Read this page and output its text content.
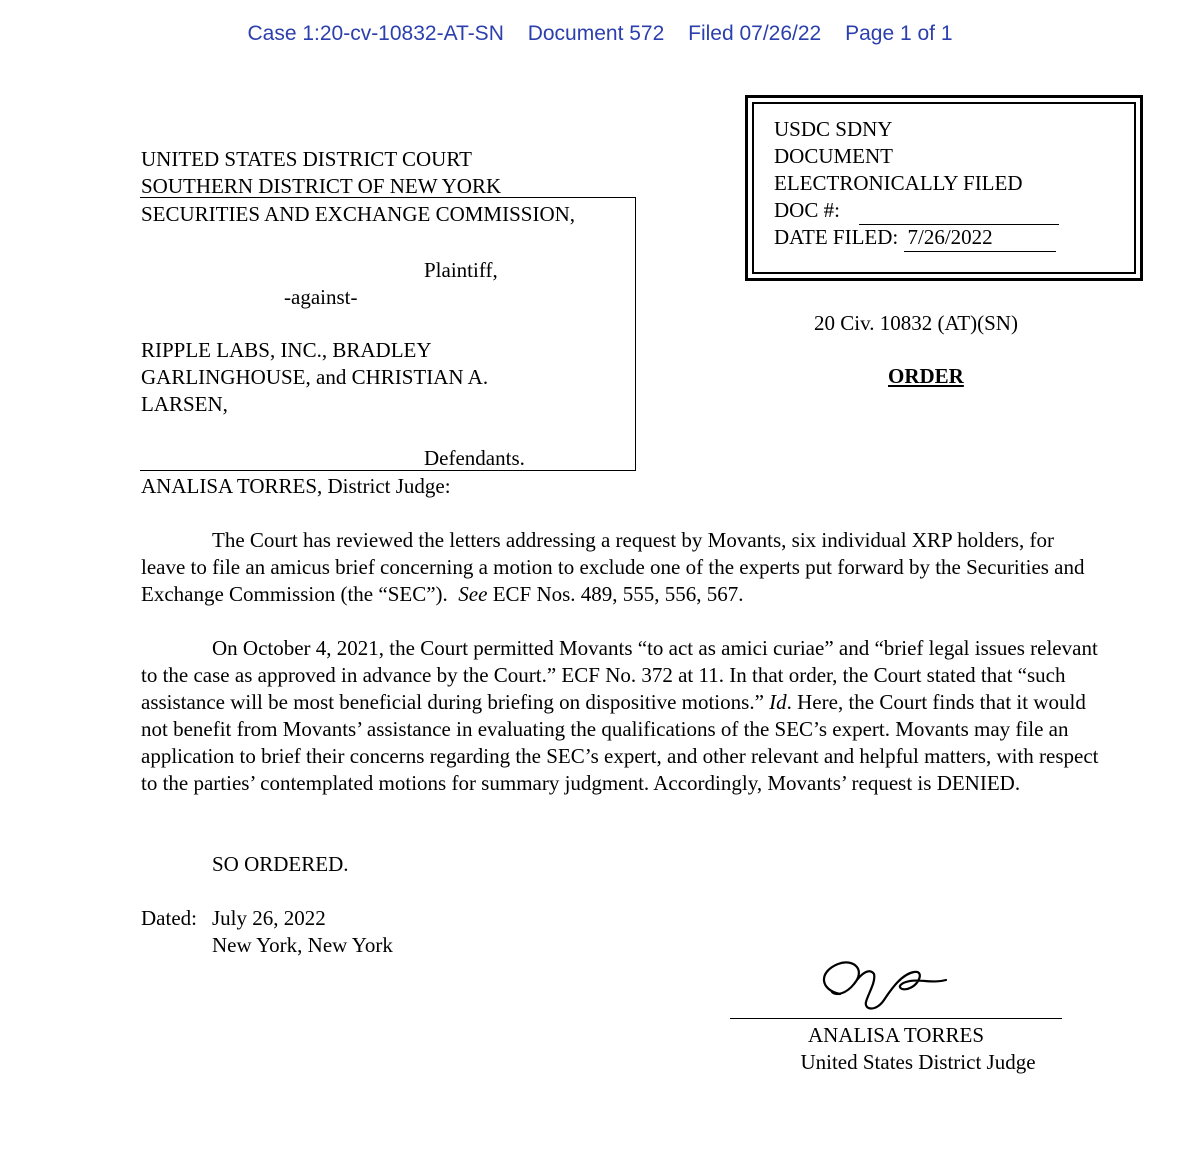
Case 1:20-cv-10832-AT-SN Document 572 Filed 07/26/22 Page 1 of 1
USDC SDNY
DOCUMENT
ELECTRONICALLY FILED
DOC #:
DATE FILED: 7/26/2022
UNITED STATES DISTRICT COURT
SOUTHERN DISTRICT OF NEW YORK
SECURITIES AND EXCHANGE COMMISSION,
Plaintiff,
-against-
RIPPLE LABS, INC., BRADLEY
GARLINGHOUSE, and CHRISTIAN A.
LARSEN,
Defendants.
20 Civ. 10832 (AT)(SN)
ORDER
ANALISA TORRES, District Judge:
The Court has reviewed the letters addressing a request by Movants, six individual XRP holders, for leave to file an amicus brief concerning a motion to exclude one of the experts put forward by the Securities and Exchange Commission (the “SEC”). See ECF Nos. 489, 555, 556, 567.
On October 4, 2021, the Court permitted Movants “to act as amici curiae” and “brief legal issues relevant to the case as approved in advance by the Court.” ECF No. 372 at 11. In that order, the Court stated that “such assistance will be most beneficial during briefing on dispositive motions.” Id. Here, the Court finds that it would not benefit from Movants’ assistance in evaluating the qualifications of the SEC’s expert. Movants may file an application to brief their concerns regarding the SEC’s expert, and other relevant and helpful matters, with respect to the parties’ contemplated motions for summary judgment. Accordingly, Movants’ request is DENIED.
SO ORDERED.
Dated: July 26, 2022
New York, New York
ANALISA TORRES
United States District Judge
